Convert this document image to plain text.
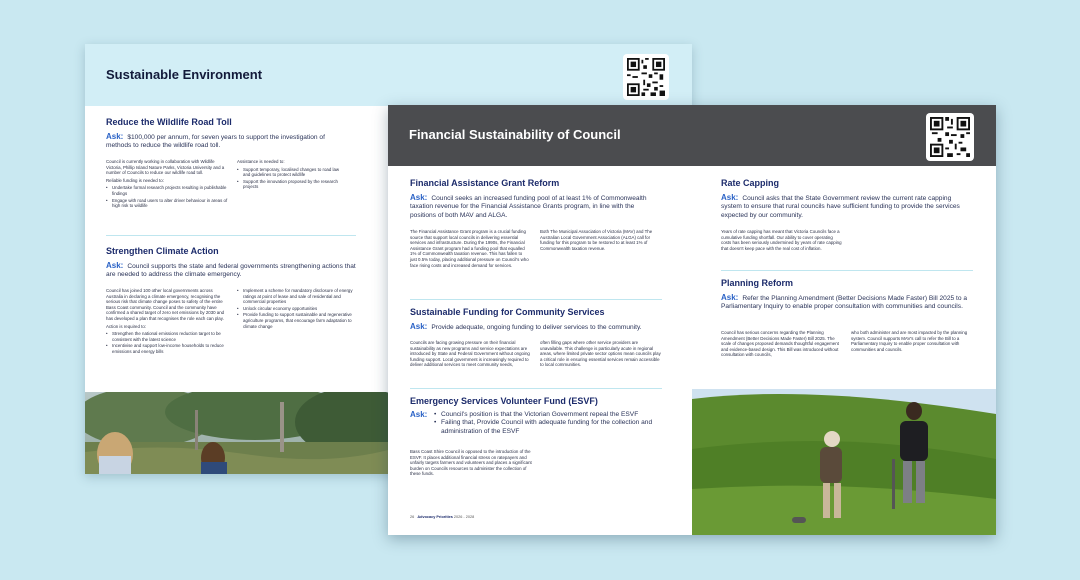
Sustainable Environment
Reduce the Wildlife Road Toll
Ask: $100,000 per annum, for seven years to support the investigation of methods to reduce the wildlife road toll.

Council is currently working in collaboration with Wildlife Victoria, Phillip Island Nature Parks, Victoria University and a number of Councils to reduce our wildlife road toll.

Reliable funding is needed to:

• Undertake formal research projects resulting in publishable findings
• Engage with road users to alter driver behaviour in areas of high risk to wildlife

Assistance is needed to:

• Support temporary, localised changes to road law and guidelines to protect wildlife
• Support the innovation proposed by the research projects
Strengthen Climate Action
Ask: Council supports the state and federal governments strengthening actions that are needed to address the climate emergency.

Council has joined 100 other local governments across Australia in declaring a climate emergency, recognising the serious risk that climate change poses to safety of the entire Bass Coast community. Council and the community have confirmed a shared target of zero net emissions by 2030 and has developed a plan that recognises the role each can play.

Action is required to:

• Strengthen the national emissions reduction target to be consistent with the latest science
• Incentivise and support low-income households to reduce emissions and energy bills
• Implement a scheme for mandatory disclosure of energy ratings at point of lease and sale of residential and commercial properties
• Unlock circular economy opportunities
• Provide funding to support sustainable and regenerative agriculture programs, that encourage farm adaptation to climate change
Financial Sustainability of Council
Financial Assistance Grant Reform
Ask: Council seeks an increased funding pool of at least 1% of Commonwealth taxation revenue for the Financial Assistance Grants program, in line with the positions of both MAV and ALGA.
The Financial Assistance Grant program is a crucial funding source that support local councils in delivering essential services and infrastructure. During the 1990s, the Financial Assistance Grant program had a funding pool that equalled 1% of Commonwealth taxation revenue. This has fallen to just 0.5% today, placing additional pressure on Council's who face rising costs and increased demand for services.
Both The Municipal Association of Victoria (MAV) and The Australian Local Government Association (ALGA) call for funding for this program to be restored to at least 1% of Commonwealth taxation revenue.
Sustainable Funding for Community Services
Ask: Provide adequate, ongoing funding to deliver services to the community.
Councils are facing growing pressure on their financial sustainability as new programs and service expectations are introduced by State and Federal Government without ongoing funding support. Local government is increasingly required to deliver additional services to meet community needs,
often filling gaps where other service providers are unavailable. This challenge is particularly acute in regional areas, where limited private sector options mean councils play a critical role in ensuring essential services remain accessible to local communities.
Emergency Services Volunteer Fund (ESVF)
Ask: • Council's position is that the Victorian Government repeal the ESVF
• Failing that, Provide Council with adequate funding for the collection and administration of the ESVF
Bass Coast Shire Council is opposed to the introduction of the ESVF. It places additional financial stress on ratepayers and unfairly targets farmers and volunteers and places a significant burden on Councils resources to administer the collection of these funds.
26 Advocacy Priorities 2026 - 2028
Rate Capping
Ask: Council asks that the State Government review the current rate capping system to ensure that rural councils have sufficient funding to provide the services expected by our community.
Years of rate capping has meant that Victoria Councils face a cumulative funding shortfall. Our ability to cover operating costs has been seriously undermined by years of rate capping that doesn't keep pace with the real cost of inflation.
Planning Reform
Ask: Refer the Planning Amendment (Better Decisions Made Faster) Bill 2025 to a Parliamentary Inquiry to enable proper consultation with communities and councils.
Council has serious concerns regarding the Planning Amendment (Better Decisions Made Faster) Bill 2025. The scale of changes proposed demands thoughtful engagement and evidence-based design. This Bill was introduced without consultation with councils,
who both administer and are most impacted by the planning system. Council supports MAV's call to refer the Bill to a Parliamentary Inquiry to enable proper consultation with communities and councils.
